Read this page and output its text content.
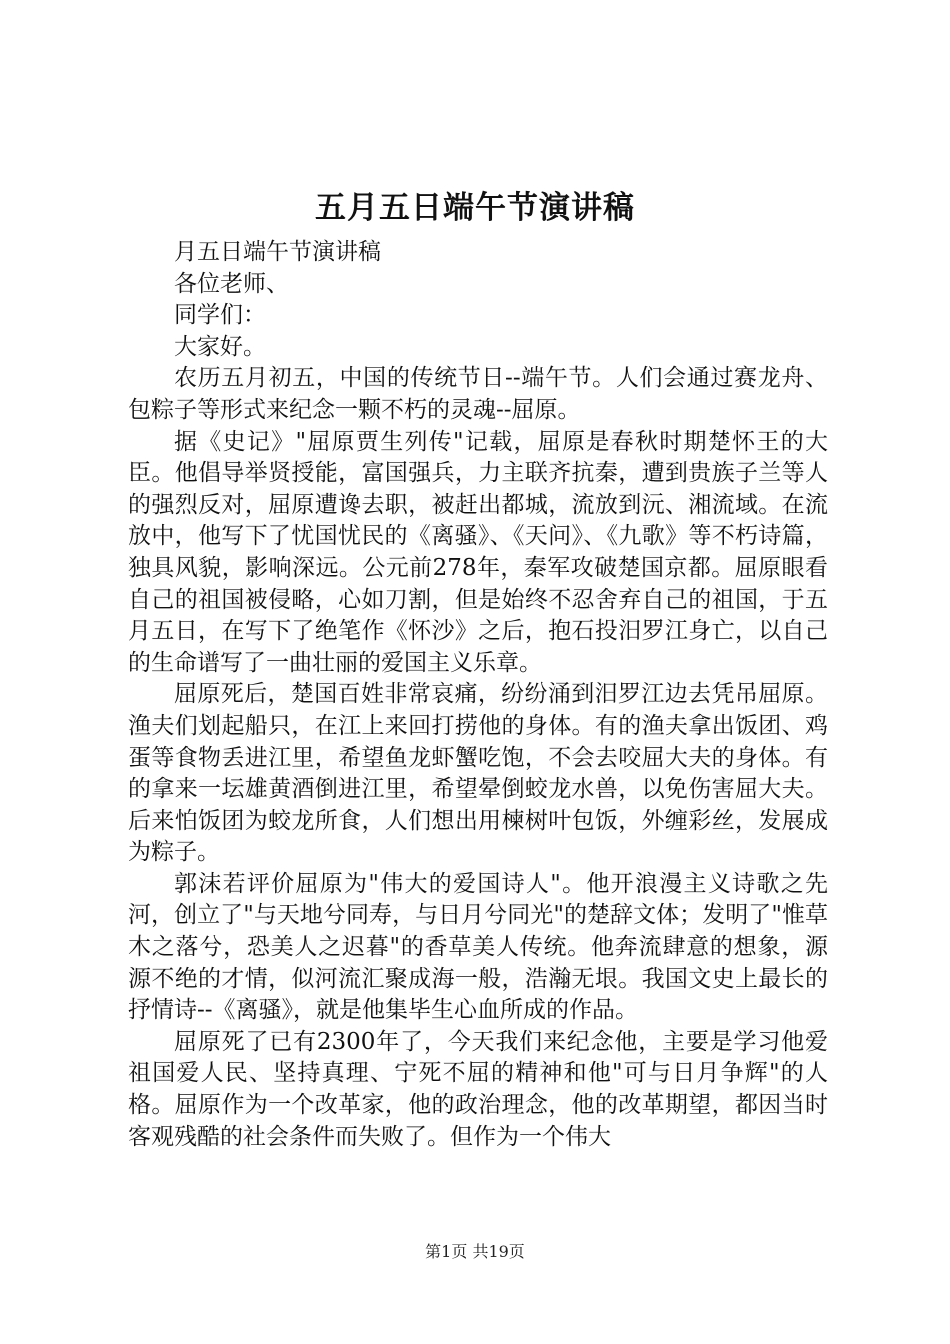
五月五日端午节演讲稿

月五日端午节演讲稿

各位老师、

同学们：

大家好。

农历五月初五，中国的传统节日--端午节。人们会通过赛龙舟、包粽子等形式来纪念一颗不朽的灵魂--屈原。

据《史记》"屈原贾生列传"记载，屈原是春秋时期楚怀王的大臣。他倡导举贤授能，富国强兵，力主联齐抗秦，遭到贵族子兰等人的强烈反对，屈原遭谗去职，被赶出都城，流放到沅、湘流域。在流放中，他写下了忧国忧民的《离骚》、《天问》、《九歌》等不朽诗篇，独具风貌，影响深远。公元前278年，秦军攻破楚国京都。屈原眼看自己的祖国被侵略，心如刀割，但是始终不忍舍弃自己的祖国，于五月五日，在写下了绝笔作《怀沙》之后，抱石投汨罗江身亡，以自己的生命谱写了一曲壮丽的爱国主义乐章。

屈原死后，楚国百姓非常哀痛，纷纷涌到汨罗江边去凭吊屈原。渔夫们划起船只，在江上来回打捞他的身体。有的渔夫拿出饭团、鸡蛋等食物丢进江里，希望鱼龙虾蟹吃饱，不会去咬屈大夫的身体。有的拿来一坛雄黄酒倒进江里，希望晕倒蛟龙水兽，以免伤害屈大夫。后来怕饭团为蛟龙所食，人们想出用楝树叶包饭，外缠彩丝，发展成为粽子。

郭沫若评价屈原为"伟大的爱国诗人"。他开浪漫主义诗歌之先河，创立了"与天地兮同寿，与日月兮同光"的楚辞文体；发明了"惟草木之落兮，恐美人之迟暮"的香草美人传统。他奔流肆意的想象，源源不绝的才情，似河流汇聚成海一般，浩瀚无垠。我国文史上最长的抒情诗--《离骚》，就是他集毕生心血所成的作品。

屈原死了已有2300年了，今天我们来纪念他，主要是学习他爱祖国爱人民、坚持真理、宁死不屈的精神和他"可与日月争辉"的人格。屈原作为一个改革家，他的政治理念，他的改革期望，都因当时客观残酷的社会条件而失败了。但作为一个伟大

第1页 共19页
